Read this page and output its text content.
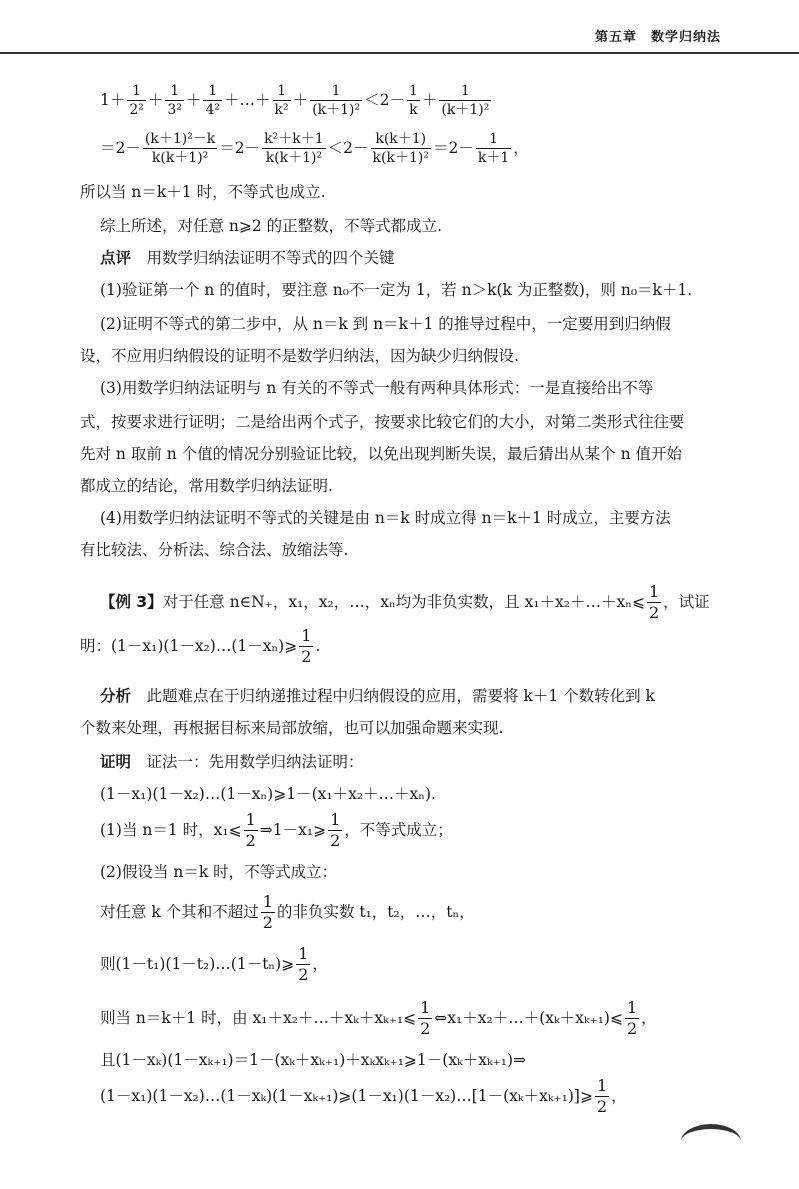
第五章　数学归纳法
$1+ \frac{1}{\text{2²}} + \frac{1}{\text{3²}} + \frac{1}{\text{4²}}$ ＋…＋ $\frac{1}{\text{k²}} + \frac{1}{\text{(k＋1)²}} <2- \frac{1}{k} + \frac{1}{\text{(k＋1)²}}$
$=2- \frac{\text{(k＋1)²－k}}{\text{k(k＋1)²}} =2- \frac{\text{k²＋k＋1}}{\text{k(k＋1)²}} <2- \frac{k(k+1)}{\text{k(k＋1)²}} =2- \frac{1}{k+1}$ ，
所以当 n＝k＋1 时，不等式也成立.
综上所述，对任意 n⩾2 的正整数，不等式都成立.
点评　用数学归纳法证明不等式的四个关键
(1)验证第一个 n 的值时，要注意 n₀不一定为 1，若 n＞k(k 为正整数)，则 n₀＝k＋1.
(2)证明不等式的第二步中，从 n＝k 到 n＝k＋1 的推导过程中，一定要用到归纳假
设，不应用归纳假设的证明不是数学归纳法，因为缺少归纳假设.
(3)用数学归纳法证明与 n 有关的不等式一般有两种具体形式：一是直接给出不等
式，按要求进行证明；二是给出两个式子，按要求比较它们的大小，对第二类形式往往要
先对 n 取前 n 个值的情况分别验证比较，以免出现判断失误，最后猜出从某个 n 值开始
都成立的结论，常用数学归纳法证明.
(4)用数学归纳法证明不等式的关键是由 n＝k 时成立得 n＝k＋1 时成立，主要方法
有比较法、分析法、综合法、放缩法等.
【例 3】 对于任意 n∈N₊，x₁，x₂，…，xₙ均为非负实数，且 x₁＋x₂＋…＋xₙ⩽ $\frac{1}{2}$ ，试证
明：(1－x₁)(1－x₂)…(1－xₙ)⩾ $\frac{1}{2}$ .
分析　此题难点在于归纳递推过程中归纳假设的应用，需要将 k＋1 个数转化到 k
个数来处理，再根据目标来局部放缩，也可以加强命题来实现.
证明　证法一：先用数学归纳法证明：
(1－x₁)(1－x₂)…(1－xₙ)⩾1－(x₁＋x₂＋…＋xₙ).
(1)当 n＝1 时，x₁⩽ $\frac{1}{2}$ ⇒1－x₁⩾ $\frac{1}{2}$ ，不等式成立；
(2)假设当 n＝k 时，不等式成立：
对任意 k 个其和不超过 $\frac{1}{2}$ 的非负实数 t₁，t₂，…，tₙ，
则(1－t₁)(1－t₂)…(1－tₙ)⩾ $\frac{1}{2}$ ，
则当 n＝k＋1 时，由 x₁＋x₂＋…＋xₖ＋xₖ₊₁⩽ $\frac{1}{2}$ ⇔x₁＋x₂＋…＋(xₖ＋xₖ₊₁)⩽ $\frac{1}{2}$ ，
且(1－xₖ)(1－xₖ₊₁)＝1－(xₖ＋xₖ₊₁)＋xₖxₖ₊₁⩾1－(xₖ＋xₖ₊₁)⇒
(1－x₁)(1－x₂)…(1－xₖ)(1－xₖ₊₁)⩾(1－x₁)(1－x₂)…[1－(xₖ＋xₖ₊₁)]⩾ $\frac{1}{2}$ ，
